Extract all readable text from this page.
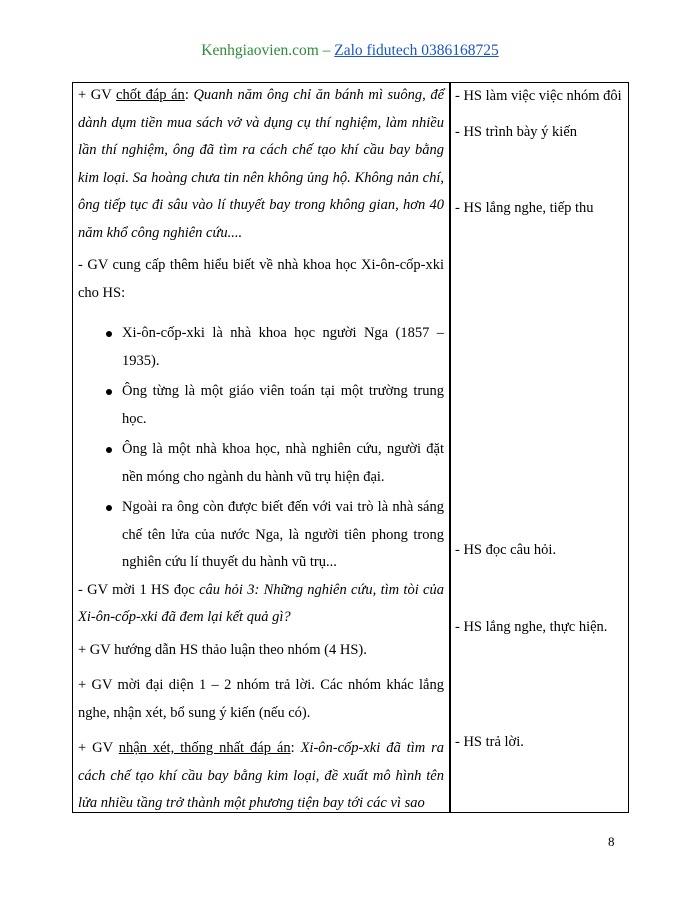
Kenhgiaovien.com – Zalo fidutech 0386168725
+ GV chốt đáp án: Quanh năm ông chỉ ăn bánh mì suông, để dành dụm tiền mua sách vở và dụng cụ thí nghiệm, làm nhiều lần thí nghiệm, ông đã tìm ra cách chế tạo khí cầu bay bằng kim loại. Sa hoàng chưa tin nên không ủng hộ. Không nản chí, ông tiếp tục đi sâu vào lí thuyết bay trong không gian, hơn 40 năm khổ công nghiên cứu....
- GV cung cấp thêm hiểu biết về nhà khoa học Xi-ôn-cốp-xki cho HS:
Xi-ôn-cốp-xki là nhà khoa học người Nga (1857 – 1935).
Ông từng là một giáo viên toán tại một trường trung học.
Ông là một nhà khoa học, nhà nghiên cứu, người đặt nền móng cho ngành du hành vũ trụ hiện đại.
Ngoài ra ông còn được biết đến với vai trò là nhà sáng chế tên lửa của nước Nga, là người tiên phong trong nghiên cứu lí thuyết du hành vũ trụ...
- GV mời 1 HS đọc câu hỏi 3: Những nghiên cứu, tìm tòi của Xi-ôn-cốp-xki đã đem lại kết quả gì?
+ GV hướng dẫn HS thảo luận theo nhóm (4 HS).
+ GV mời đại diện 1 – 2 nhóm trả lời. Các nhóm khác lắng nghe, nhận xét, bổ sung ý kiến (nếu có).
+ GV nhận xét, thống nhất đáp án: Xi-ôn-cốp-xki đã tìm ra cách chế tạo khí cầu bay bằng kim loại, đề xuất mô hình tên lửa nhiều tầng trở thành một phương tiện bay tới các vì sao
- HS làm việc việc nhóm đôi
- HS trình bày ý kiến
- HS lắng nghe, tiếp thu
- HS đọc câu hỏi.
- HS lắng nghe, thực hiện.
- HS trả lời.
8
